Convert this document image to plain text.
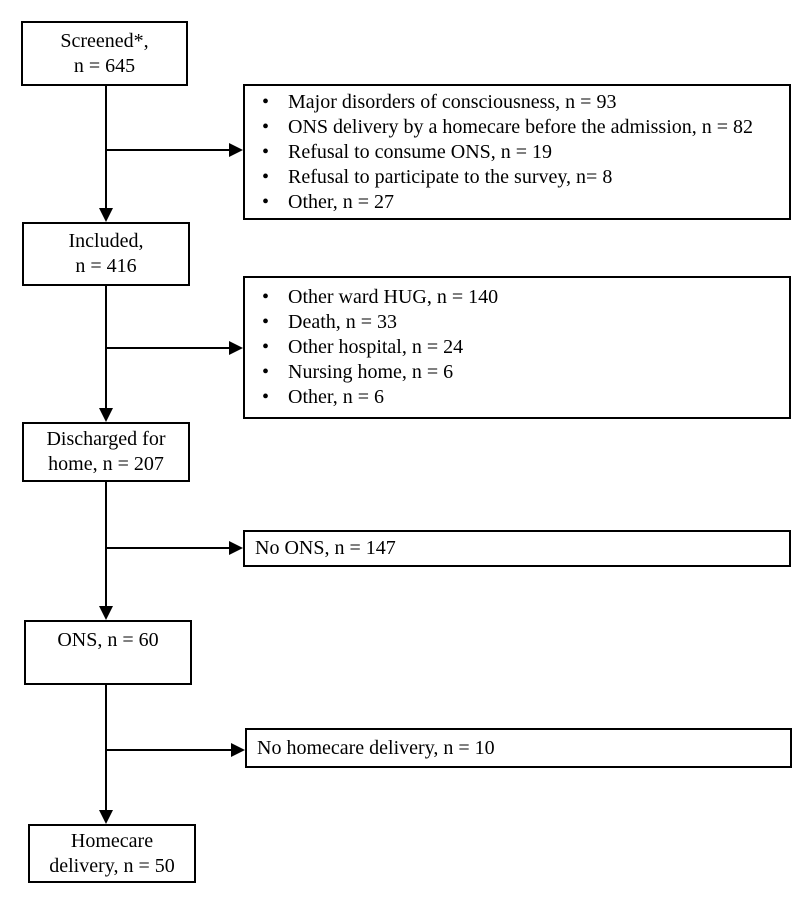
Screened*,
n = 645
Included,
n = 416
Discharged for
home, n = 207
ONS, n = 60
Homecare
delivery, n = 50
• Major disorders of consciousness, n = 93
• ONS delivery by a homecare before the admission, n = 82
• Refusal to consume ONS, n = 19
• Refusal to participate to the survey, n= 8
• Other, n = 27
• Other ward HUG, n = 140
• Death, n = 33
• Other hospital, n = 24
• Nursing home, n = 6
• Other, n = 6
No ONS, n = 147
No homecare delivery, n = 10
